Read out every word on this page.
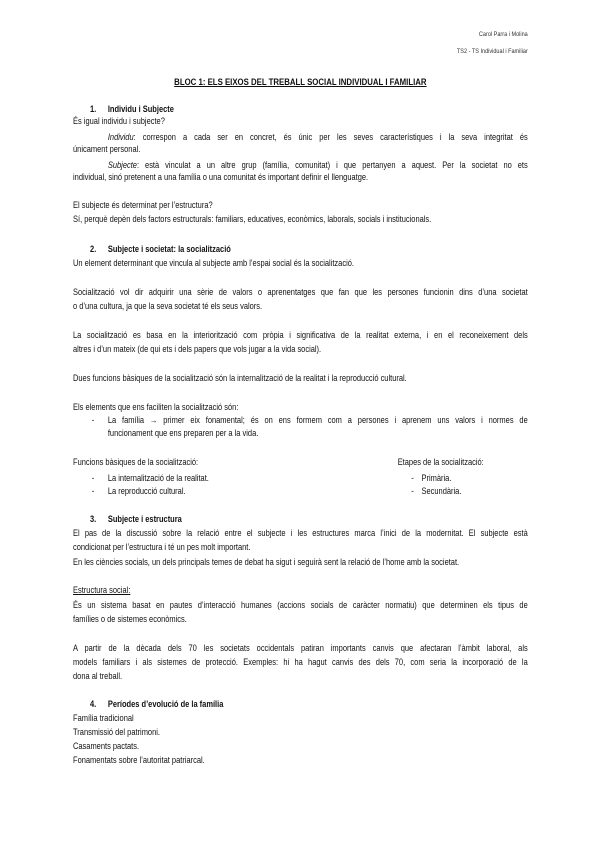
Carol Parra i Molina
TS2 - TS Individual i Familiar
BLOC 1: ELS EIXOS DEL TREBALL SOCIAL INDIVIDUAL I FAMILIAR
1. Individu i Subjecte
És igual individu i subjecte?
Individu: correspon a cada ser en concret, és únic per les seves característiques i la seva integritat és
únicament personal.
Subjecte: està vinculat a un altre grup (família, comunitat) i que pertanyen a aquest. Per la societat no ets
individual, sinó pretenent a una família o una comunitat és important definir el llenguatge.
El subjecte és determinat per l’estructura?
Sí, perquè depèn dels factors estructurals: familiars, educatives, econòmics, laborals, socials i institucionals.
2. Subjecte i societat: la socialització
Un element determinant que vincula al subjecte amb l’espai social és la socialització.
Socialització vol dir adquirir una sèrie de valors o aprenentatges que fan que les persones funcionin dins d’una societat
o d’una cultura, ja que la seva societat té els seus valors.
La socialització es basa en la interiorització com pròpia i significativa de la realitat externa, i en el reconeixement dels
altres i d’un mateix (de qui ets i dels papers que vols jugar a la vida social).
Dues funcions bàsiques de la socialització són la internalització de la realitat i la reproducció cultural.
Els elements que ens faciliten la socialització són:
- La família → primer eix fonamental; és on ens formem com a persones i aprenem uns valors i normes de
funcionament que ens preparen per a la vida.
Funcions bàsiques de la socialització:
- La internalització de la realitat.
- La reproducció cultural.
Etapes de la socialització:
- Primària.
- Secundària.
3. Subjecte i estructura
El pas de la discussió sobre la relació entre el subjecte i les estructures marca l’inici de la modernitat. El subjecte està
condicionat per l’estructura i té un pes molt important.
En les ciències socials, un dels principals temes de debat ha sigut i seguirà sent la relació de l’home amb la societat.
Estructura social:
És un sistema basat en pautes d’interacció humanes (accions socials de caràcter normatiu) que determinen els tipus de
famílies o de sistemes econòmics.
A partir de la dècada dels 70 les societats occidentals patiran importants canvis que afectaran l’àmbit laboral, als
models familiars i als sistemes de protecció. Exemples: hi ha hagut canvis des dels 70, com seria la incorporació de la
dona al treball.
4. Períodes d’evolució de la família
Família tradicional
Transmissió del patrimoni.
Casaments pactats.
Fonamentats sobre l’autoritat patriarcal.
